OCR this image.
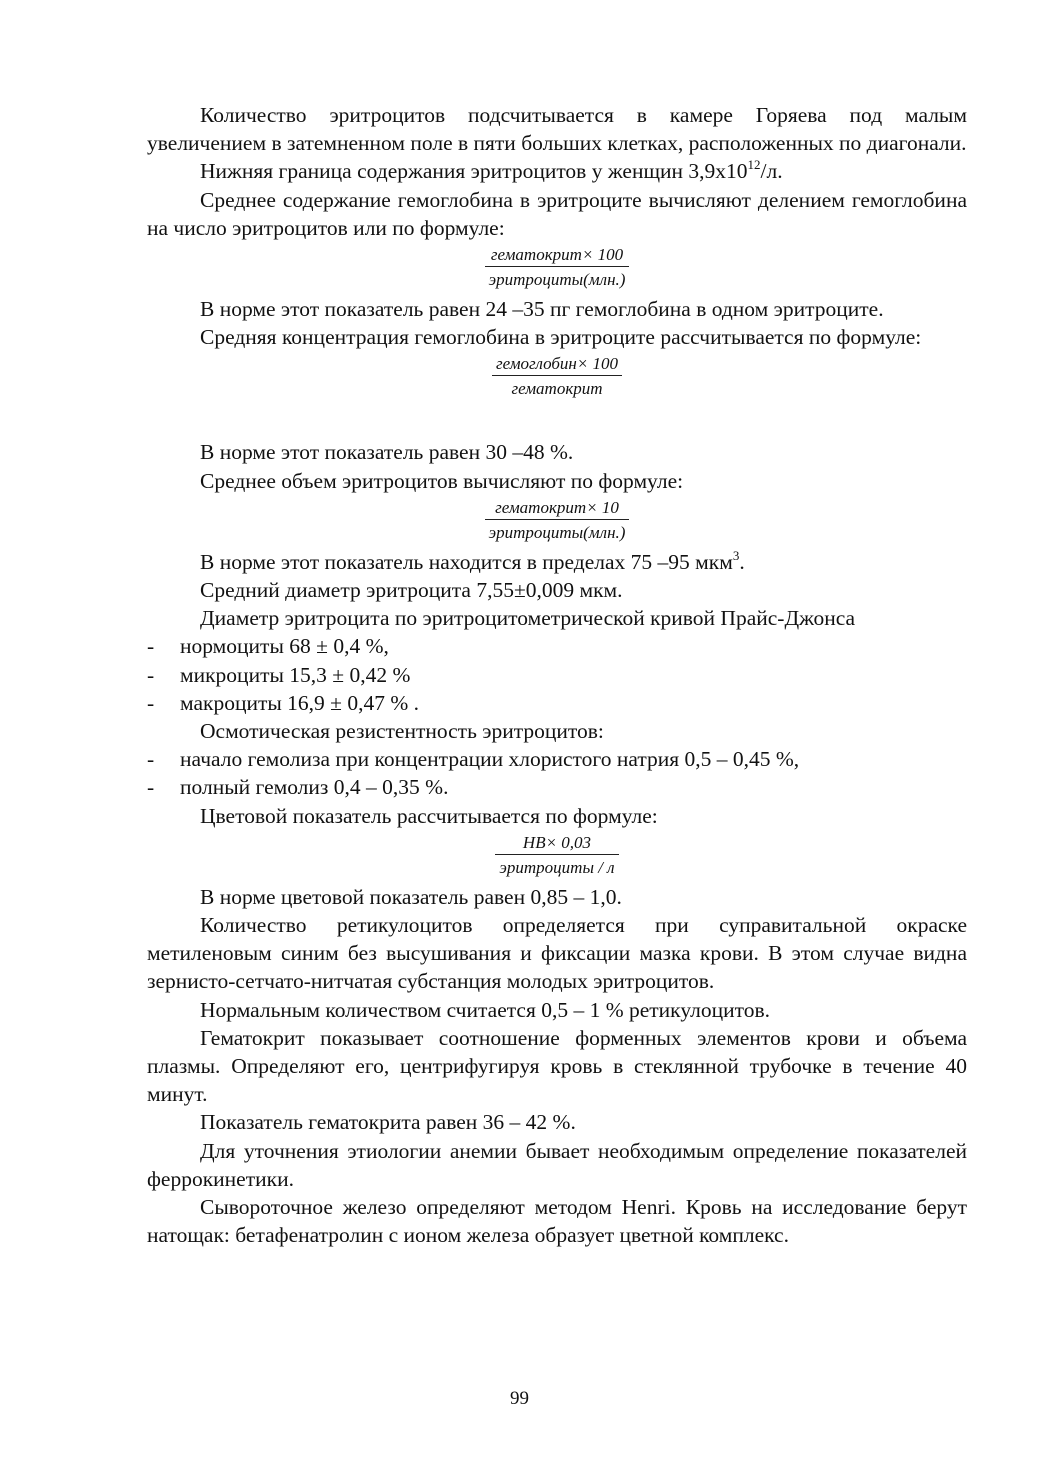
Количество эритроцитов подсчитывается в камере Горяева под малым увеличением в затемненном поле в пяти больших клетках, расположенных по диагонали.

Нижняя граница содержания эритроцитов у женщин $3,9х10^{12}/л$.

Среднее содержание гемоглобина в эритроците вычисляют делением гемоглобина на число эритроцитов или по формуле:

$\frac{\text{гематокрит× 100}}{\text{эритроциты(млн.)}}$

В норме этот показатель равен 24 –35 пг гемоглобина в одном эритроците.

Средняя концентрация гемоглобина в эритроците рассчитывается по формуле:

$\frac{\text{гемоглобин× 100}}{\text{гематокрит}}$

В норме этот показатель равен 30 –48 %.

Среднее объем эритроцитов вычисляют по формуле:

$\frac{\text{гематокрит× 10}}{\text{эритроциты(млн.)}}$

В норме этот показатель находится в пределах 75 –95 мкм$^3$.

Средний диаметр эритроцита 7,55±0,009 мкм.

Диаметр эритроцита по эритроцитометрической кривой Прайс-Джонса

- нормоциты 68 ± 0,4 %,

- микроциты 15,3 ± 0,42 %

- макроциты 16,9 ± 0,47 % .

Осмотическая резистентность эритроцитов:

- начало гемолиза при концентрации хлористого натрия 0,5 – 0,45 %,

- полный гемолиз 0,4 – 0,35 %.

Цветовой показатель рассчитывается по формуле:

$\frac{HB\times 0,03}{\text{эритроциты / л}}$

В норме цветовой показатель равен 0,85 – 1,0.

Количество ретикулоцитов определяется при суправитальной окраске метиленовым синим без высушивания и фиксации мазка крови. В этом случае видна зернисто-сетчато-нитчатая субстанция молодых эритроцитов.

Нормальным количеством считается 0,5 – 1 % ретикулоцитов.

Гематокрит показывает соотношение форменных элементов крови и объема плазмы. Определяют его, центрифугируя кровь в стеклянной трубочке в течение 40 минут.

Показатель гематокрита равен 36 – 42 %.

Для уточнения этиологии анемии бывает необходимым определение показателей феррокинетики.

Сывороточное железо определяют методом Henri. Кровь на исследование берут натощак: бетафенатролин с ионом железа образует цветной комплекс.

99
